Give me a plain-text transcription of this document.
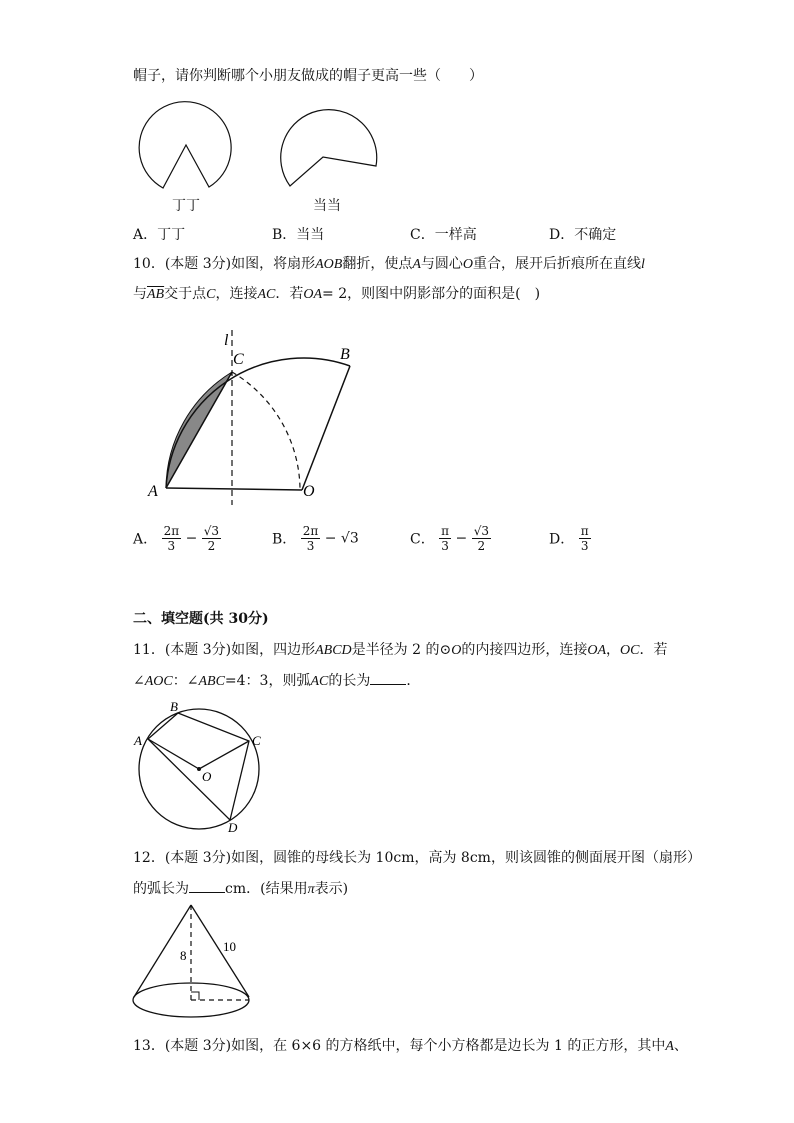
帽子，请你判断哪个小朋友做成的帽子更高一些（　　）
丁丁	当当
A．丁丁	B．当当	C．一样高	D．不确定
10．(本题 3分)如图，将扇形AOB翻折，使点A与圆心O重合，展开后折痕所在直线l
与$\overline{AB}$交于点C，连接AC．若OA= 2，则图中阴影部分的面积是(　)
l
C	B
A	O
A． $\frac{2\pi}{3} - \frac{√3}{2}$	B． $\frac{2\pi}{3} - √3$	C． $\frac{\pi}{3} - \frac{√3}{2}$	D． $\frac{\pi}{3}$
二、填空题(共 30分)
11．(本题 3分)如图，四边形ABCD是半径为 2 的⊙O的内接四边形，连接OA，OC．若
∠AOC：∠ABC=4：3，则弧AC的长为	．
A
B
C
D
O
12．(本题 3分)如图，圆锥的母线长为 10cm，高为 8cm，则该圆锥的侧面展开图（扇形）
的弧长为	cm．(结果用π表示)
8
10
13．(本题 3分)如图，在 6×6 的方格纸中，每个小方格都是边长为 1 的正方形，其中A、
